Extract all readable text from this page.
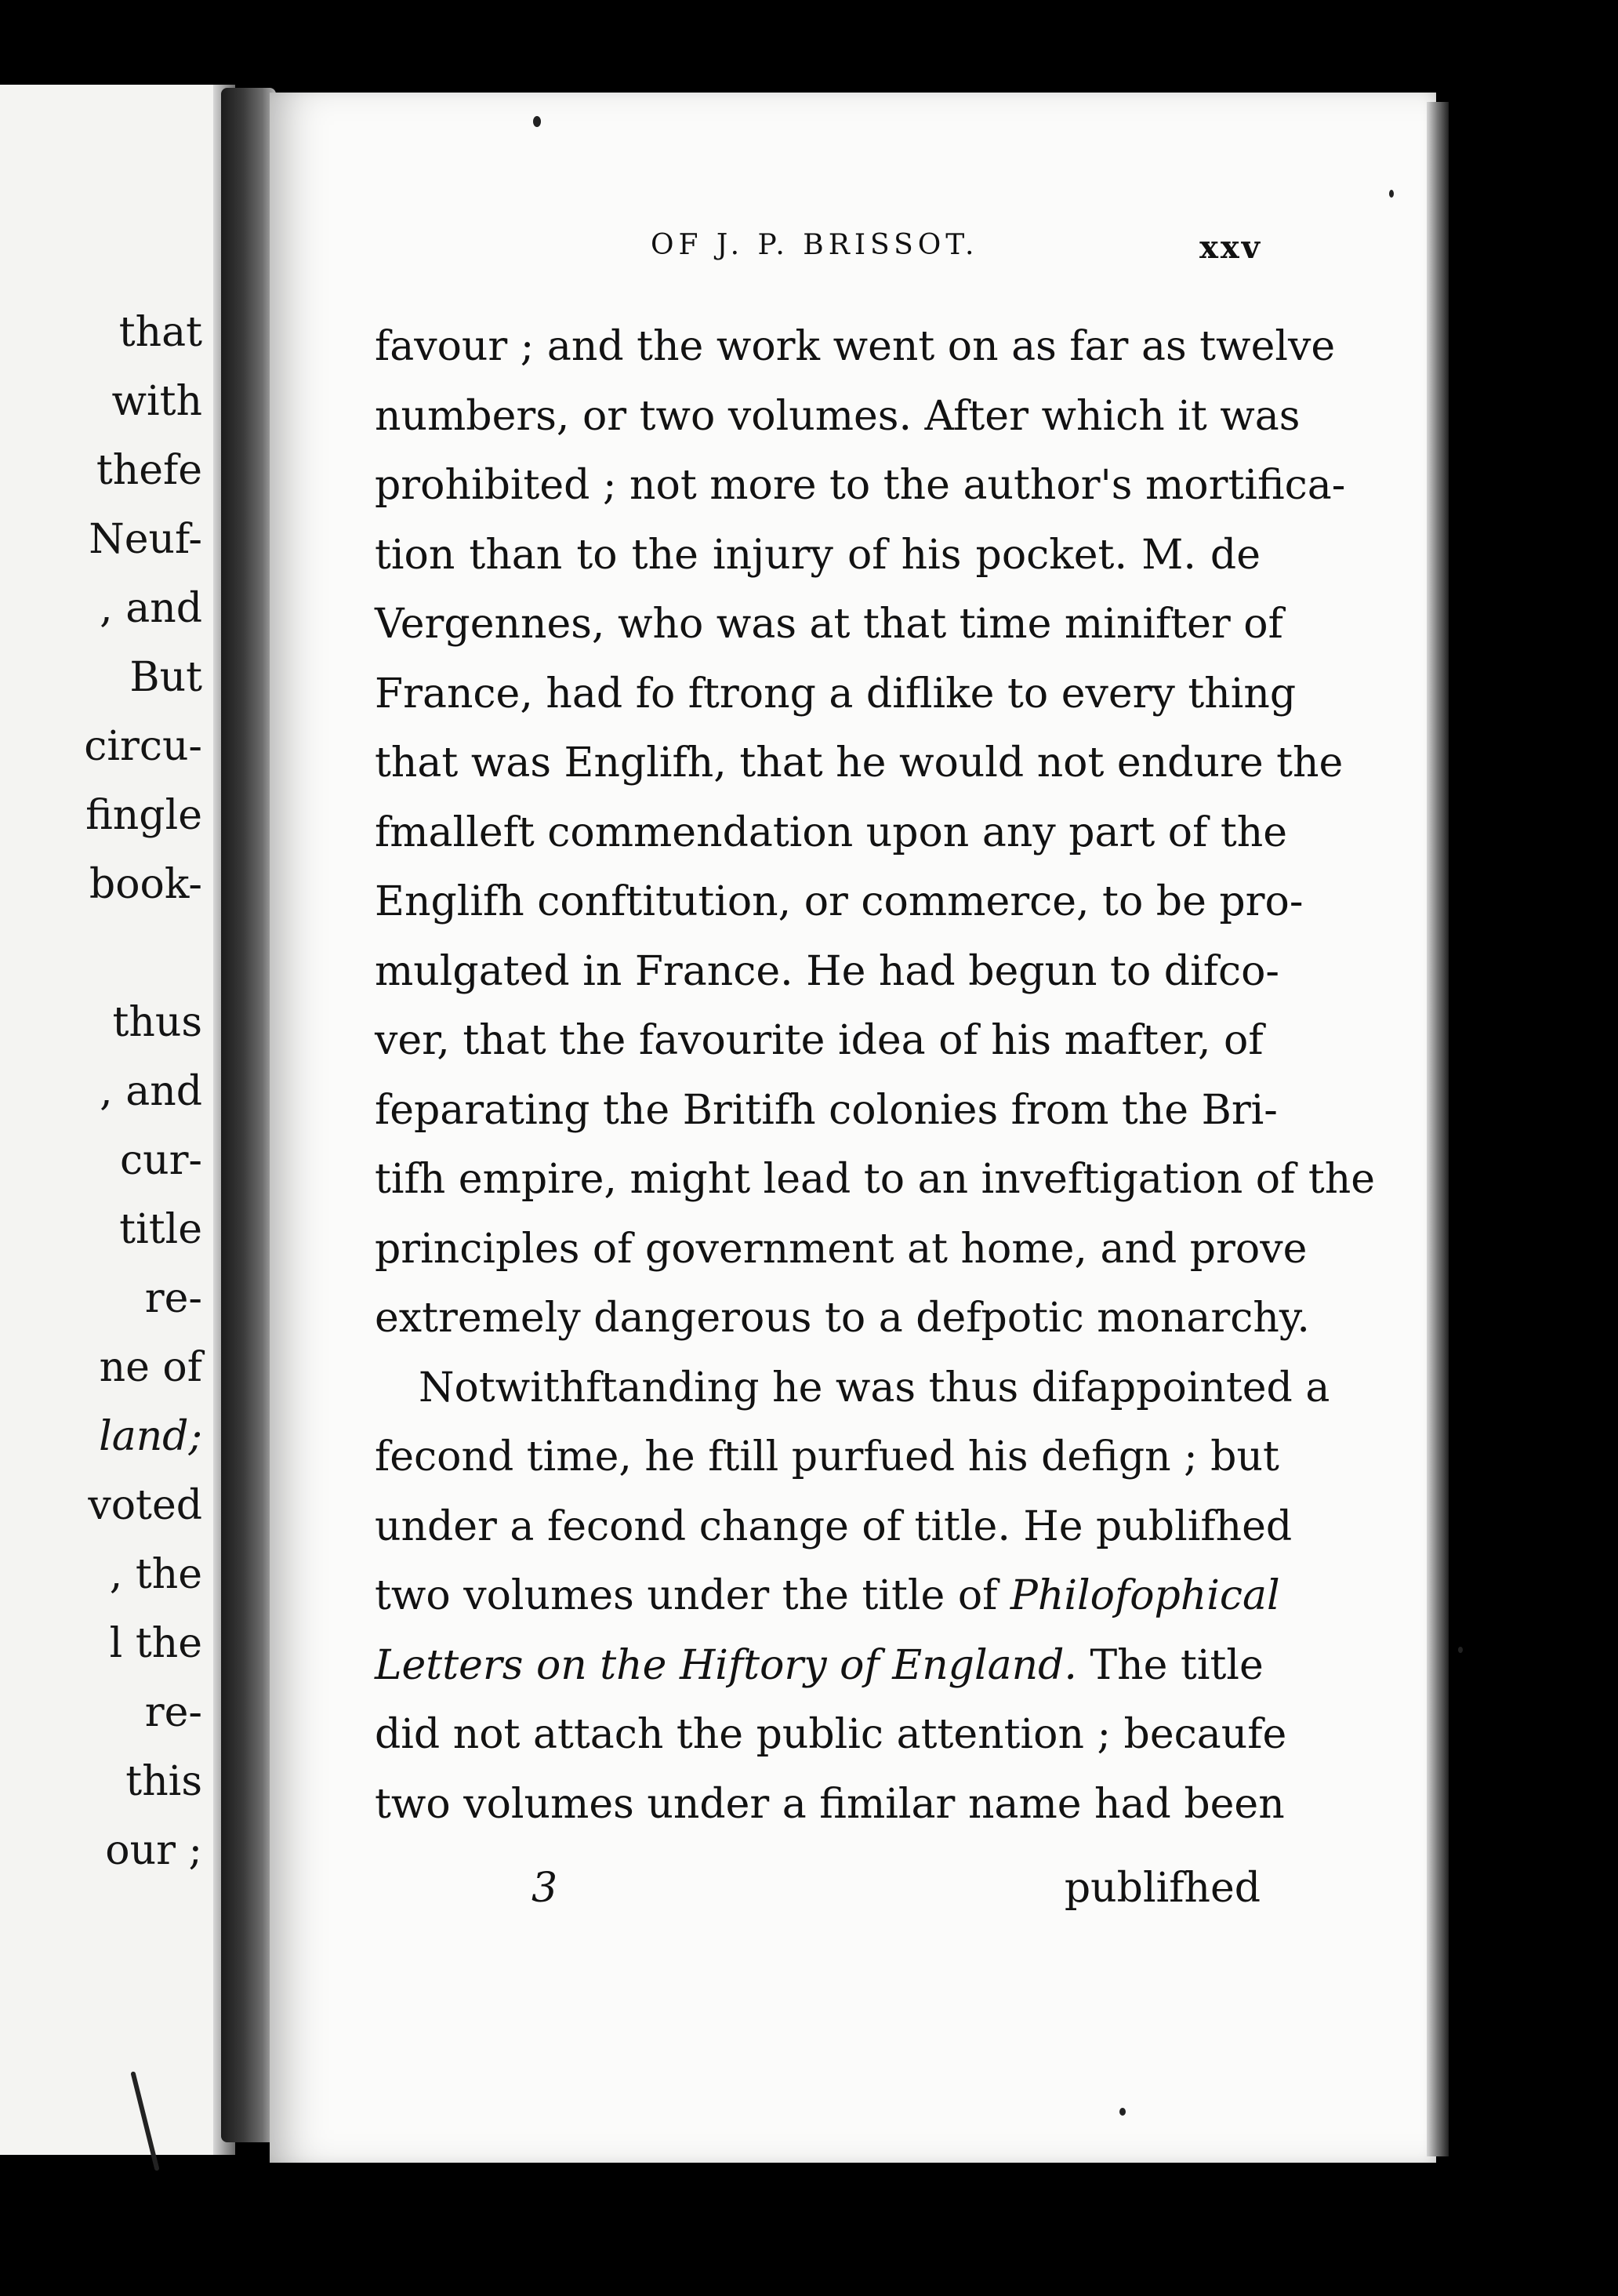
that
with
thefe
Neuf-
, and
But
circu-
fingle
book-
thus
, and
cur-
title
re-
ne of
land;
voted
, the
l the
re-
this
our ;
OF J. P. BRISSOT.	xxv
favour ; and the work went on as far as twelve
numbers, or two volumes. After which it was
prohibited ; not more to the author's mortifica-
tion than to the injury of his pocket. M. de
Vergennes, who was at that time minifter of
France, had fo ftrong a diflike to every thing
that was Englifh, that he would not endure the
fmalleft commendation upon any part of the
Englifh conftitution, or commerce, to be pro-
mulgated in France. He had begun to difco-
ver, that the favourite idea of his mafter, of
feparating the Britifh colonies from the Bri-
tifh empire, might lead to an inveftigation of the
principles of government at home, and prove
extremely dangerous to a defpotic monarchy.
Notwithftanding he was thus difappointed a
fecond time, he ftill purfued his defign ; but
under a fecond change of title. He publifhed
two volumes under the title of Philofophical
Letters on the Hiftory of England. The title
did not attach the public attention ; becaufe
two volumes under a fimilar name had been
3	publifhed
